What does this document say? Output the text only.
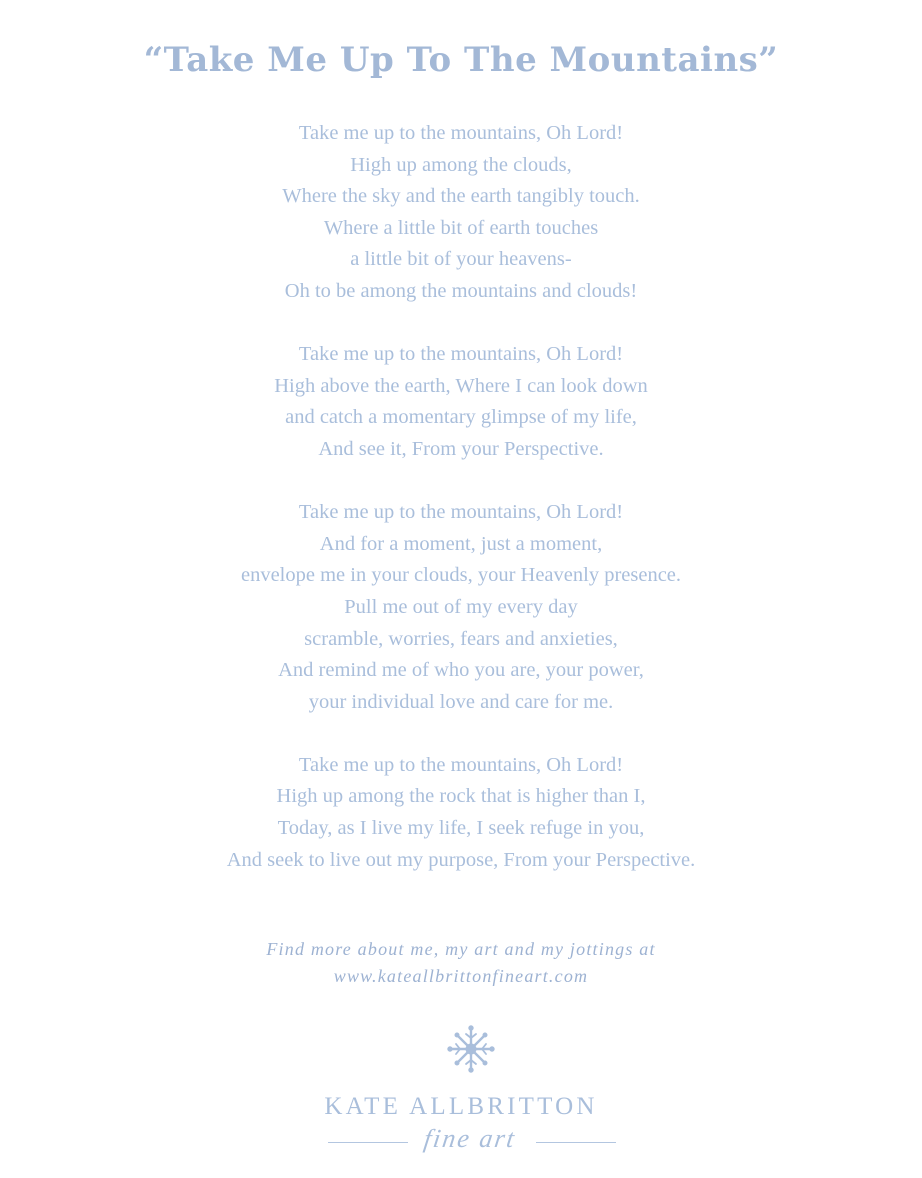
“Take Me Up To The Mountains”
Take me up to the mountains, Oh Lord!
High up among the clouds,
Where the sky and the earth tangibly touch.
Where a little bit of earth touches
a little bit of your heavens-
Oh to be among the mountains and clouds!
Take me up to the mountains, Oh Lord!
High above the earth, Where I can look down
and catch a momentary glimpse of my life,
And see it, From your Perspective.
Take me up to the mountains, Oh Lord!
And for a moment, just a moment,
envelope me in your clouds, your Heavenly presence.
Pull me out of my every day
scramble, worries, fears and anxieties,
And remind me of who you are, your power,
your individual love and care for me.
Take me up to the mountains, Oh Lord!
High up among the rock that is higher than I,
Today, as I live my life, I seek refuge in you,
And seek to live out my purpose, From your Perspective.
Find more about me, my art and my jottings at
www.kateallbrittonfineart.com
KATE ALLBRITTON
fine art
